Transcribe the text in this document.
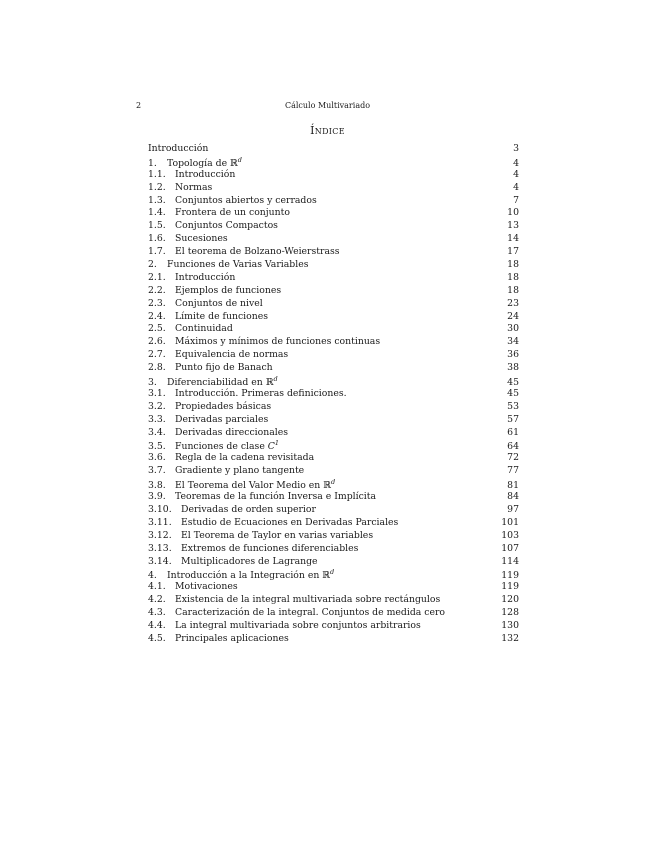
2	Cálculo Multivariado
ÍNDICE
Introducción	3
1.	Topología de ℝ$^d$	4
1.1. Introducción	4
1.2. Normas	4
1.3. Conjuntos abiertos y cerrados	7
1.4. Frontera de un conjunto	10
1.5. Conjuntos Compactos	13
1.6. Sucesiones	14
1.7. El teorema de Bolzano-Weierstrass	17
2.	Funciones de Varias Variables	18
2.1. Introducción	18
2.2. Ejemplos de funciones	18
2.3. Conjuntos de nivel	23
2.4. Límite de funciones	24
2.5. Continuidad	30
2.6. Máximos y mínimos de funciones continuas	34
2.7. Equivalencia de normas	36
2.8. Punto fijo de Banach	38
3.	Diferenciabilidad en ℝ$^d$	45
3.1. Introducción. Primeras definiciones.	45
3.2. Propiedades básicas	53
3.3. Derivadas parciales	57
3.4. Derivadas direccionales	61
3.5. Funciones de clase $C^1$	64
3.6. Regla de la cadena revisitada	72
3.7. Gradiente y plano tangente	77
3.8. El Teorema del Valor Medio en ℝ$^d$	81
3.9. Teoremas de la función Inversa e Implícita	84
3.10.	Derivadas de orden superior	97
3.11.	Estudio de Ecuaciones en Derivadas Parciales	101
3.12.	El Teorema de Taylor en varias variables	103
3.13.	Extremos de funciones diferenciables	107
3.14.	Multiplicadores de Lagrange	114
4.	Introducción a la Integración en ℝ$^d$	119
4.1. Motivaciones	119
4.2. Existencia de la integral multivariada sobre rectángulos	120
4.3. Caracterización de la integral. Conjuntos de medida cero	128
4.4. La integral multivariada sobre conjuntos arbitrarios	130
4.5. Principales aplicaciones	132
